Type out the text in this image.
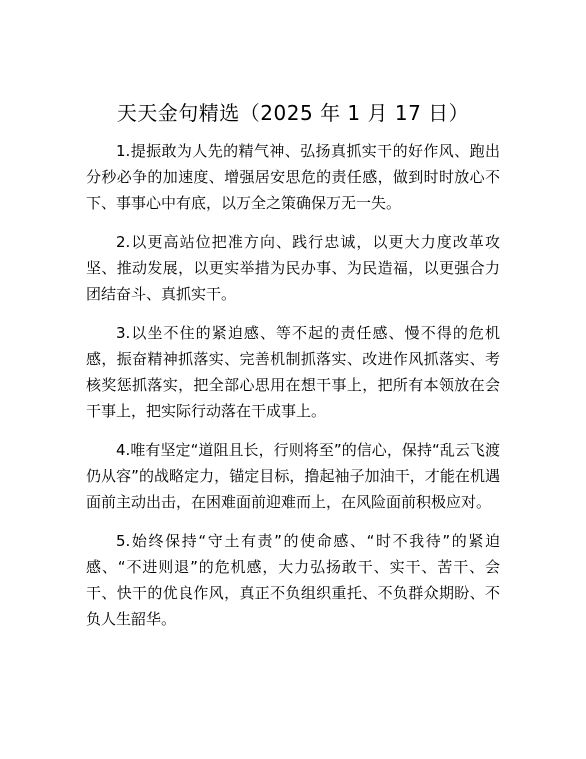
天天金句精选（2025 年 1 月 17 日）

1.提振敢为人先的精气神、弘扬真抓实干的好作风、跑出分秒必争的加速度、增强居安思危的责任感，做到时时放心不下、事事心中有底，以万全之策确保万无一失。

2.以更高站位把准方向、践行忠诚，以更大力度改革攻坚、推动发展，以更实举措为民办事、为民造福，以更强合力团结奋斗、真抓实干。

3.以坐不住的紧迫感、等不起的责任感、慢不得的危机感，振奋精神抓落实、完善机制抓落实、改进作风抓落实、考核奖惩抓落实，把全部心思用在想干事上，把所有本领放在会干事上，把实际行动落在干成事上。

4.唯有坚定“道阻且长，行则将至”的信心，保持“乱云飞渡仍从容”的战略定力，锚定目标，撸起袖子加油干，才能在机遇面前主动出击，在困难面前迎难而上，在风险面前积极应对。

5.始终保持“守土有责”的使命感、“时不我待”的紧迫感、“不进则退”的危机感，大力弘扬敢干、实干、苦干、会干、快干的优良作风，真正不负组织重托、不负群众期盼、不负人生韶华。
